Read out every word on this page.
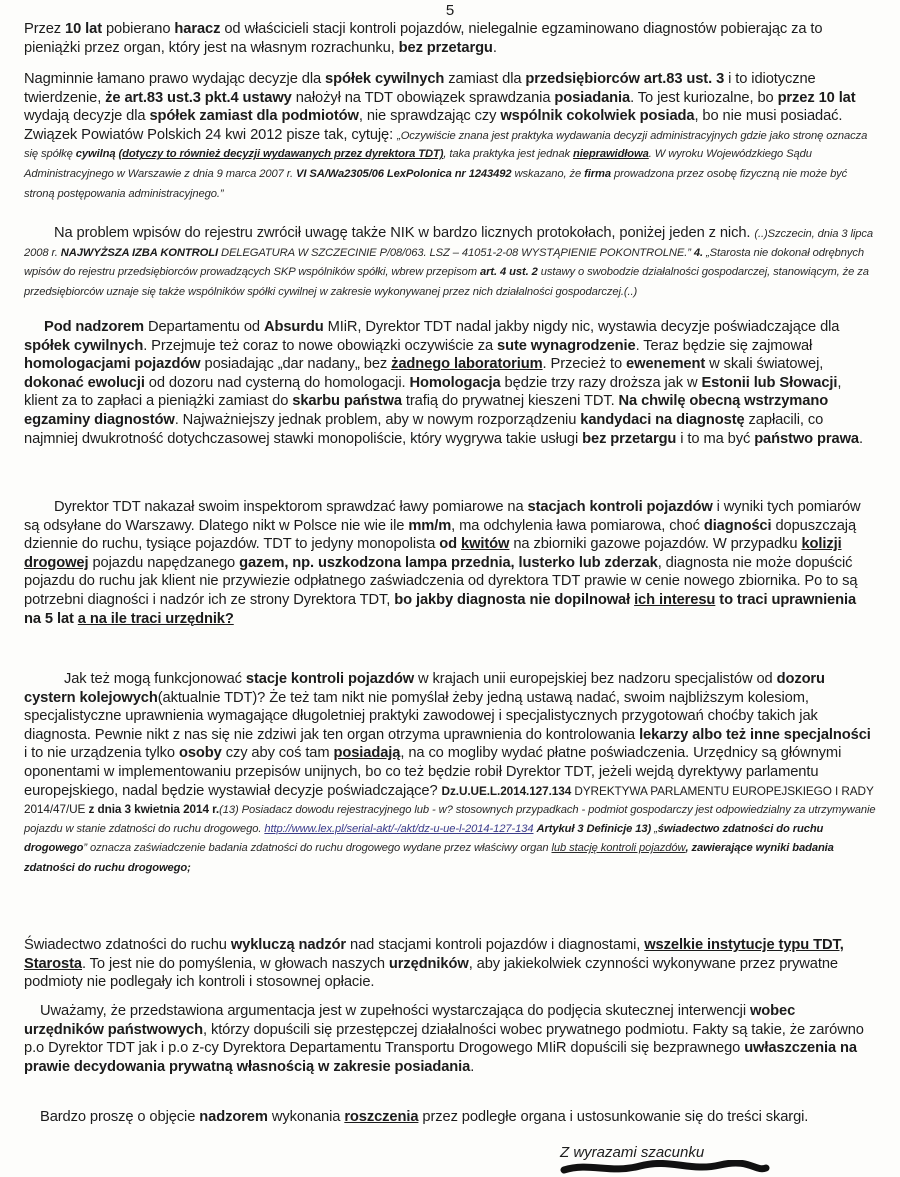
5

Przez 10 lat pobierano haracz od właścicieli stacji kontroli pojazdów, nielegalnie egzaminowano diagnostów pobierając za to pieniążki przez organ, który jest na własnym rozrachunku, bez przetargu.

Nagminnie łamano prawo wydając decyzje dla spółek cywilnych zamiast dla przedsiębiorców art.83 ust. 3 i to idiotyczne twierdzenie, że art.83 ust.3 pkt.4 ustawy nałożył na TDT obowiązek sprawdzania posiadania. To jest kuriozalne, bo przez 10 lat wydają decyzje dla spółek zamiast dla podmiotów, nie sprawdzając czy wspólnik cokolwiek posiada, bo nie musi posiadać. Związek Powiatów Polskich 24 kwi 2012 pisze tak, cytuję: „Oczywiście znana jest praktyka wydawania decyzji administracyjnych gdzie jako stronę oznacza się spółkę cywilną (dotyczy to również decyzji wydawanych przez dyrektora TDT), taka praktyka jest jednak nieprawidłowa. W wyroku Wojewódzkiego Sądu Administracyjnego w Warszawie z dnia 9 marca 2007 r. VI SA/Wa2305/06 LexPolonica nr 1243492 wskazano, że firma prowadzona przez osobę fizyczną nie może być stroną postępowania administracyjnego.”

Na problem wpisów do rejestru zwrócił uwagę także NIK w bardzo licznych protokołach, poniżej jeden z nich. (..)Szczecin, dnia 3 lipca 2008 r. NAJWYŻSZA IZBA KONTROLI DELEGATURA W SZCZECINIE P/08/063. LSZ – 41051-2-08 WYSTĄPIENIE POKONTROLNE.” 4. „Starosta nie dokonał odrębnych wpisów do rejestru przedsiębiorców prowadzących SKP wspólników spółki, wbrew przepisom art. 4 ust. 2 ustawy o swobodzie działalności gospodarczej, stanowiącym, że za przedsiębiorców uznaje się także wspólników spółki cywilnej w zakresie wykonywanej przez nich działalności gospodarczej.(..)

Pod nadzorem Departamentu od Absurdu MIiR, Dyrektor TDT nadal jakby nigdy nic, wystawia decyzje poświadczające dla spółek cywilnych. Przejmuje też coraz to nowe obowiązki oczywiście za sute wynagrodzenie. Teraz będzie się zajmował homologacjami pojazdów posiadając „dar nadany„ bez żadnego laboratorium. Przecież to ewenement w skali światowej, dokonać ewolucji od dozoru nad cysterną do homologacji. Homologacja będzie trzy razy droższa jak w Estonii lub Słowacji, klient za to zapłaci a pieniążki zamiast do skarbu państwa trafią do prywatnej kieszeni TDT. Na chwilę obecną wstrzymano egzaminy diagnostów. Najważniejszy jednak problem, aby w nowym rozporządzeniu kandydaci na diagnostę zapłacili, co najmniej dwukrotność dotychczasowej stawki monopoliście, który wygrywa takie usługi bez przetargu i to ma być państwo prawa.

Dyrektor TDT nakazał swoim inspektorom sprawdzać ławy pomiarowe na stacjach kontroli pojazdów i wyniki tych pomiarów są odsyłane do Warszawy. Dlatego nikt w Polsce nie wie ile mm/m, ma odchylenia ława pomiarowa, choć diagności dopuszczają dziennie do ruchu, tysiące pojazdów. TDT to jedyny monopolista od kwitów na zbiorniki gazowe pojazdów. W przypadku kolizji drogowej pojazdu napędzanego gazem, np. uszkodzona lampa przednia, lusterko lub zderzak, diagnosta nie może dopuścić pojazdu do ruchu jak klient nie przywiezie odpłatnego zaświadczenia od dyrektora TDT prawie w cenie nowego zbiornika. Po to są potrzebni diagności i nadzór ich ze strony Dyrektora TDT, bo jakby diagnosta nie dopilnował ich interesu to traci uprawnienia na 5 lat a na ile traci urzędnik?

Jak też mogą funkcjonować stacje kontroli pojazdów w krajach unii europejskiej bez nadzoru specjalistów od dozoru cystern kolejowych(aktualnie TDT)? Że też tam nikt nie pomyślał żeby jedną ustawą nadać, swoim najbliższym kolesiom, specjalistyczne uprawnienia wymagające długoletniej praktyki zawodowej i specjalistycznych przygotowań choćby takich jak diagnosta. Pewnie nikt z nas się nie zdziwi jak ten organ otrzyma uprawnienia do kontrolowania lekarzy albo też inne specjalności i to nie urządzenia tylko osoby czy aby coś tam posiadają, na co mogliby wydać płatne poświadczenia. Urzędnicy są głównymi oponentami w implementowaniu przepisów unijnych, bo co też będzie robił Dyrektor TDT, jeżeli wejdą dyrektywy parlamentu europejskiego, nadal będzie wystawiał decyzje poświadczające? Dz.U.UE.L.2014.127.134 DYREKTYWA PARLAMENTU EUROPEJSKIEGO I RADY 2014/47/UE z dnia 3 kwietnia 2014 r.(13) Posiadacz dowodu rejestracyjnego lub - w? stosownych przypadkach - podmiot gospodarczy jest odpowiedzialny za utrzymywanie pojazdu w stanie zdatności do ruchu drogowego. http://www.lex.pl/serial-akt/-/akt/dz-u-ue-l-2014-127-134 Artykuł 3 Definicje 13) „świadectwo zdatności do ruchu drogowego” oznacza zaświadczenie badania zdatności do ruchu drogowego wydane przez właściwy organ lub stację kontroli pojazdów, zawierające wyniki badania zdatności do ruchu drogowego;

Świadectwo zdatności do ruchu wykluczą nadzór nad stacjami kontroli pojazdów i diagnostami, wszelkie instytucje typu TDT, Starosta. To jest nie do pomyślenia, w głowach naszych urzędników, aby jakiekolwiek czynności wykonywane przez prywatne podmioty nie podlegały ich kontroli i stosownej opłacie.

Uważamy, że przedstawiona argumentacja jest w zupełności wystarczająca do podjęcia skutecznej interwencji wobec urzędników państwowych, którzy dopuścili się przestępczej działalności wobec prywatnego podmiotu. Fakty są takie, że zarówno p.o Dyrektor TDT jak i p.o z-cy Dyrektora Departamentu Transportu Drogowego MIiR dopuścili się bezprawnego uwłaszczenia na prawie decydowania prywatną własnością w zakresie posiadania.

Bardzo proszę o objęcie nadzorem wykonania roszczenia przez podległe organa i ustosunkowanie się do treści skargi.

Z wyrazami szacunku
